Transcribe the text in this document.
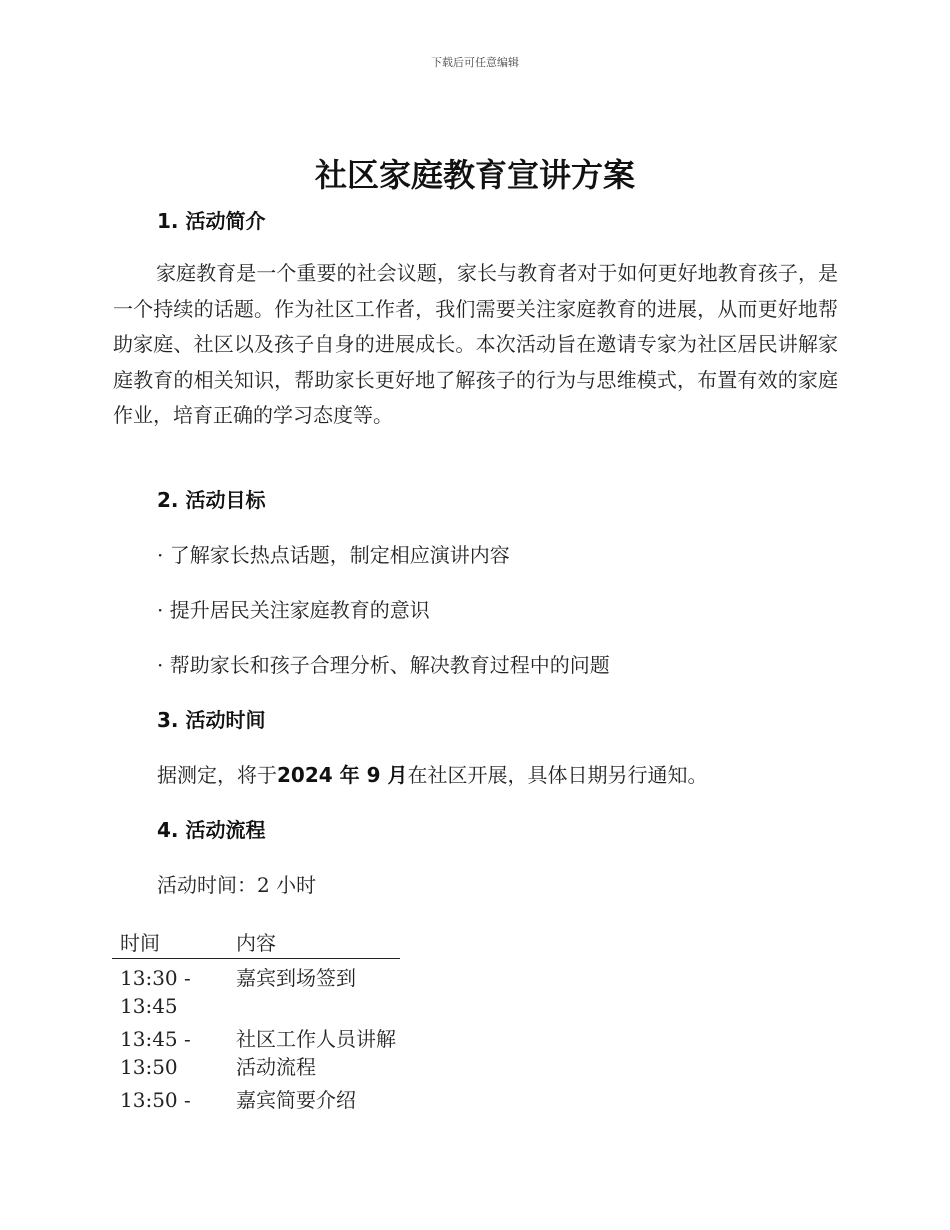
下载后可任意编辑
社区家庭教育宣讲方案
1. 活动简介

家庭教育是一个重要的社会议题，家长与教育者对于如何更好地教育孩子，是一个持续的话题。作为社区工作者，我们需要关注家庭教育的进展，从而更好地帮助家庭、社区以及孩子自身的进展成长。本次活动旨在邀请专家为社区居民讲解家庭教育的相关知识，帮助家长更好地了解孩子的行为与思维模式，布置有效的家庭作业，培育正确的学习态度等。

2. 活动目标

· 了解家长热点话题，制定相应演讲内容

· 提升居民关注家庭教育的意识

· 帮助家长和孩子合理分析、解决教育过程中的问题

3. 活动时间

据测定，将于2024 年 9 月在社区开展，具体日期另行通知。

4. 活动流程

活动时间：2 小时

时间	内容
13:30 - 13:45
嘉宾到场签到
13:45 - 13:50
社区工作人员讲解活动流程
13:50 -	嘉宾简要介绍
